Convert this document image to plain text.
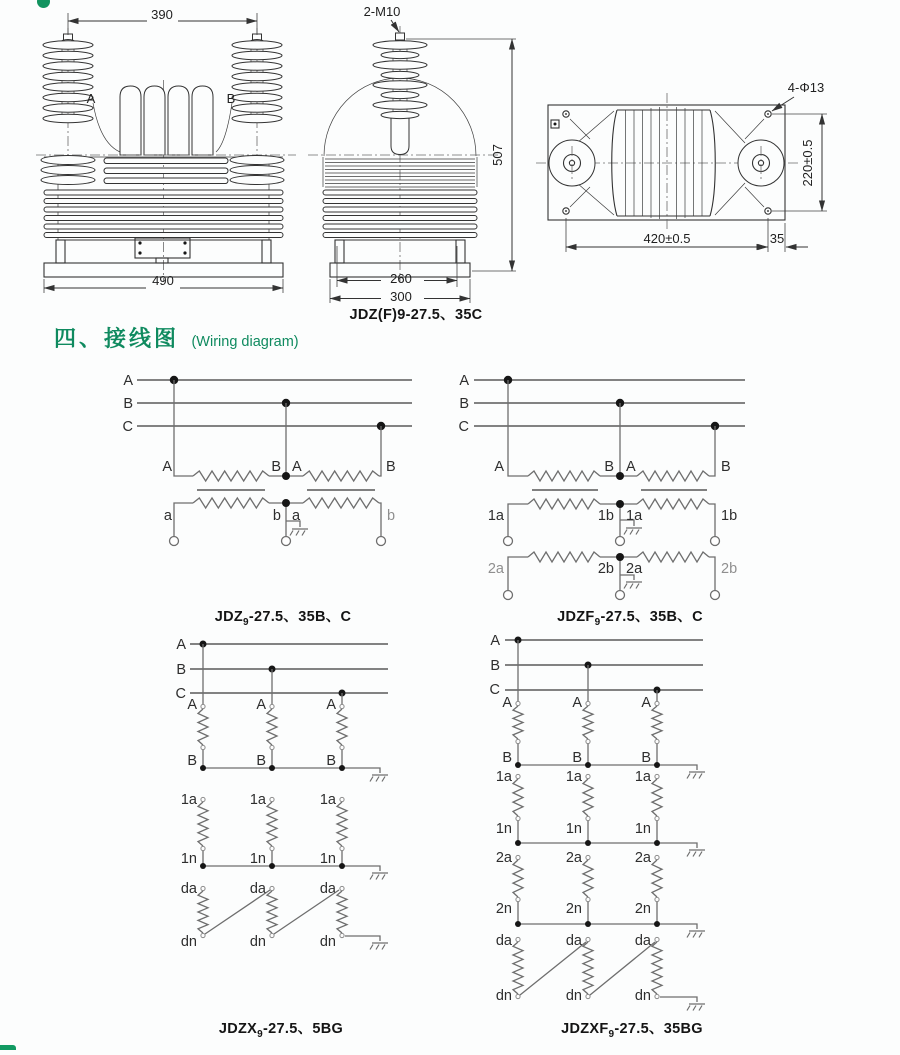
390
A	B
490
2-M10
507
260
300
4-Φ13
220±0.5
420±0.5	35
A
B
C
A	B A	B
a	b a	b
A
B
C
A	B A	B
1a	1b 1a	1b
2a	2b 2a	2b
A
B
C
A	A	A
B	B	B
1a	1a	1a
1n	1n	1n
da	da	da
dn	dn	dn
A
B
C
A	A	A
B	B	B
1a	1a	1a
1n	1n	1n
2a	2a	2a
2n	2n	2n
da	da	da
dn	dn	dn
四、接线图 (Wiring diagram)
JDZ(F)9-27.5、35C
$JDZ_9-27.5$、35B、C	$JDZF_9-27.5$、35B、C
$JDZX_9-27.5$、5BG	$JDZXF_9-27.5$、35BG
